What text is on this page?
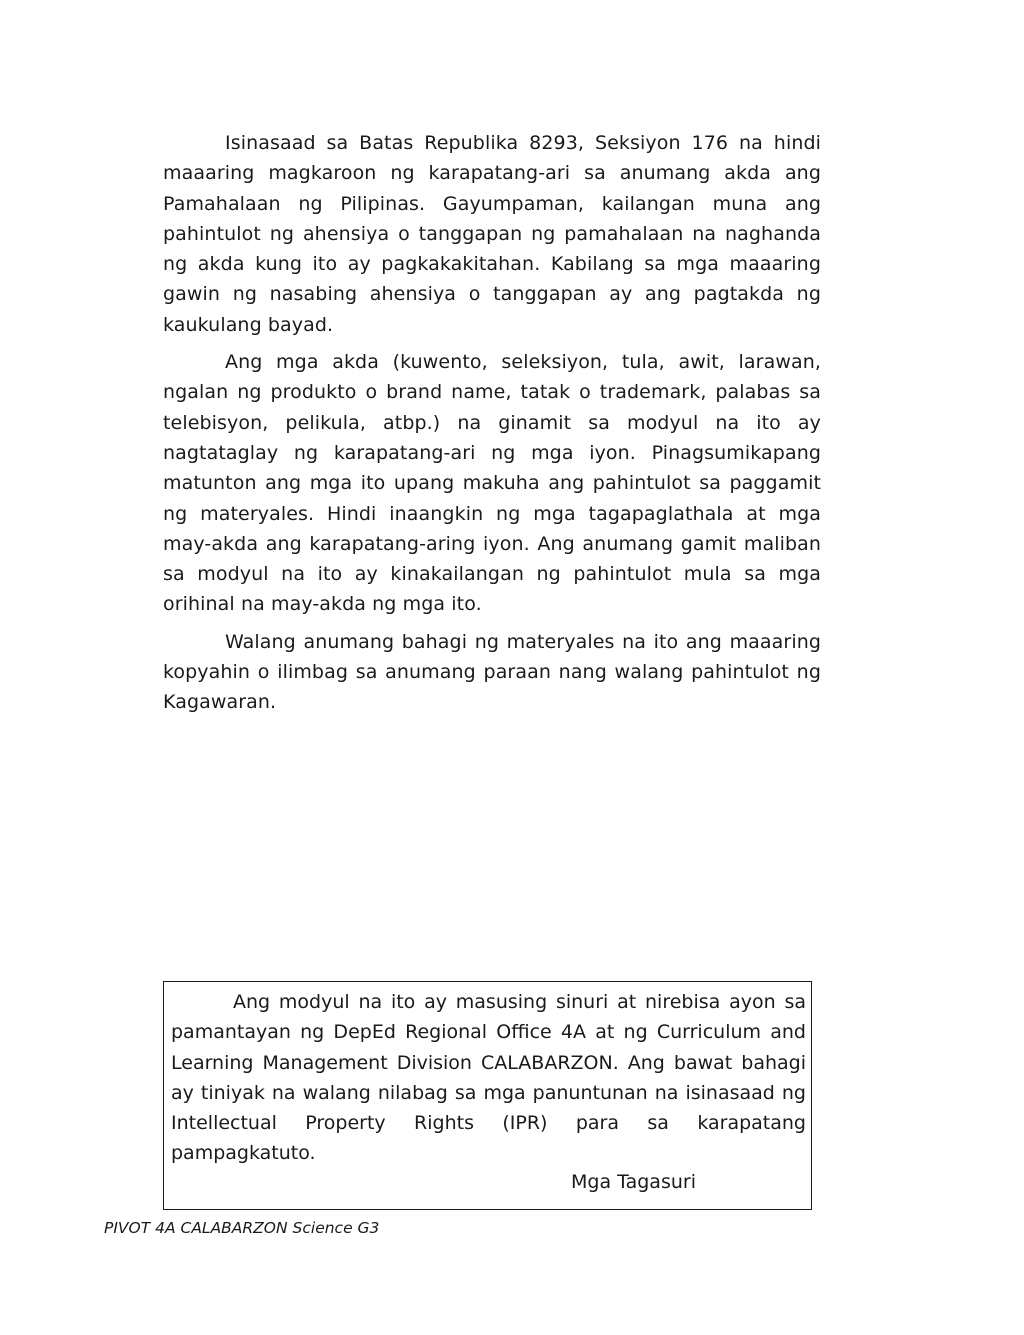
Isinasaad sa Batas Republika 8293, Seksiyon 176 na hindi maaaring magkaroon ng karapatang-ari sa anumang akda ang Pamahalaan ng Pilipinas. Gayumpaman, kailangan muna ang pahintulot ng ahensiya o tanggapan ng pamahalaan na naghanda ng akda kung ito ay pagkakakitahan. Kabilang sa mga maaaring gawin ng nasabing ahensiya o tanggapan ay ang pagtakda ng kaukulang bayad.

Ang mga akda (kuwento, seleksiyon, tula, awit, larawan, ngalan ng produkto o brand name, tatak o trademark, palabas sa telebisyon, pelikula, atbp.) na ginamit sa modyul na ito ay nagtataglay ng karapatang-ari ng mga iyon. Pinagsumikapang matunton ang mga ito upang makuha ang pahintulot sa paggamit ng materyales. Hindi inaangkin ng mga tagapaglathala at mga may-akda ang karapatang-aring iyon. Ang anumang gamit maliban sa modyul na ito ay kinakailangan ng pahintulot mula sa mga orihinal na may-akda ng mga ito.

Walang anumang bahagi ng materyales na ito ang maaaring kopyahin o ilimbag sa anumang paraan nang walang pahintulot ng Kagawaran.

Ang modyul na ito ay masusing sinuri at nirebisa ayon sa pamantayan ng DepEd Regional Office 4A at ng Curriculum and Learning Management Division CALABARZON. Ang bawat bahagi ay tiniyak na walang nilabag sa mga panuntunan na isinasaad ng Intellectual Property Rights (IPR) para sa karapatang pampagkatuto.

Mga Tagasuri

PIVOT 4A CALABARZON Science G3
